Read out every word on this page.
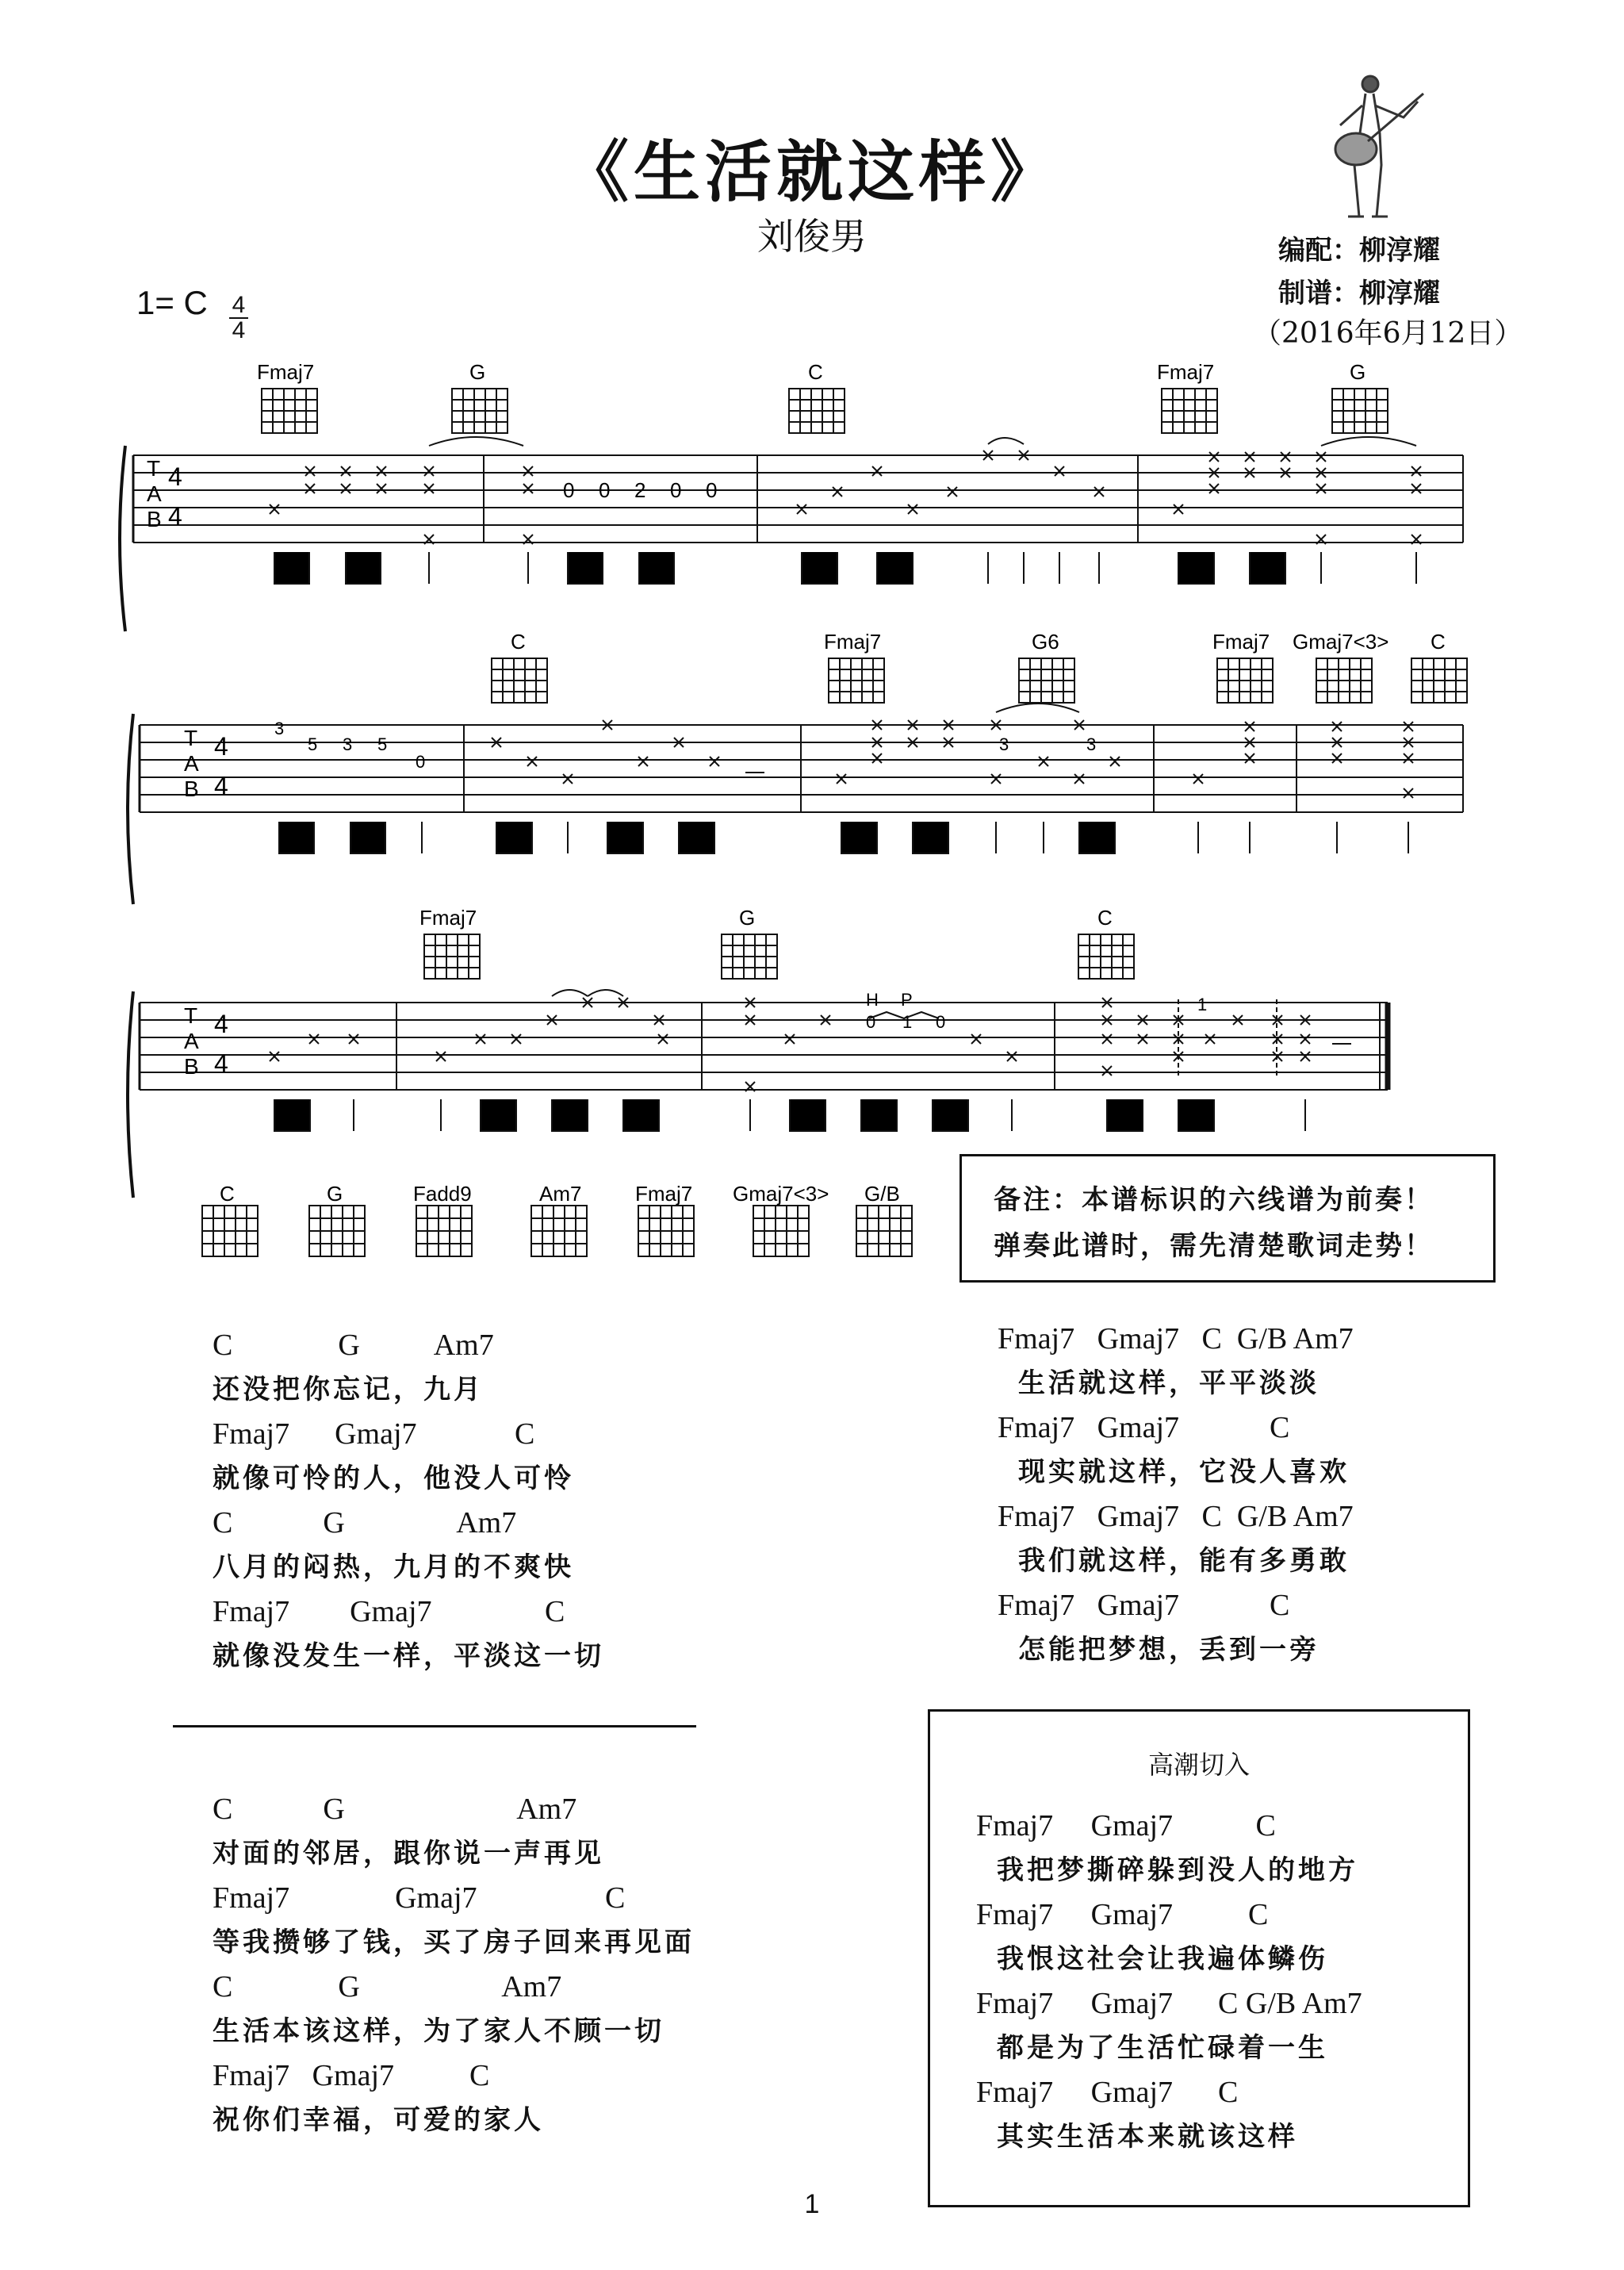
《生活就这样》
刘俊男	编配：柳淳耀
制谱：柳淳耀
（2016年6月12日）
1= C 4
4
Fmaj7	G	C	Fmaj7	G
T
A
B
4
4
0 0 2 0 0
C	Fmaj7	G6	Fmaj7 Gmaj7<3> C
T
A
B
4
4
3
5 3 5
0
3	3
Fmaj7	G	C
T
A
B
4
4
H P
0 1 0
1
C	G	Fadd9	Am7	Fmaj7 Gmaj7<3> G/B	备注：本谱标识的六线谱为前奏！
弹奏此谱时，需先清楚歌词走势！
C              G          Am7
还没把你忘记，九月
Fmaj7      Gmaj7             C
就像可怜的人，他没人可怜
C            G               Am7
八月的闷热，九月的不爽快
Fmaj7        Gmaj7               C
就像没发生一样，平淡这一切
Fmaj7   Gmaj7   C  G/B Am7
生活就这样，平平淡淡
Fmaj7   Gmaj7            C
现实就这样，它没人喜欢
Fmaj7   Gmaj7   C  G/B Am7
我们就这样，能有多勇敢
Fmaj7   Gmaj7            C
怎能把梦想，丢到一旁
C            G                       Am7
对面的邻居，跟你说一声再见
Fmaj7              Gmaj7                 C
等我攒够了钱，买了房子回来再见面
C              G                   Am7
生活本该这样，为了家人不顾一切
Fmaj7   Gmaj7          C
祝你们幸福，可爱的家人
高潮切入
Fmaj7     Gmaj7           C
我把梦撕碎躲到没人的地方
Fmaj7     Gmaj7          C
我恨这社会让我遍体鳞伤
Fmaj7     Gmaj7      C G/B Am7
都是为了生活忙碌着一生
Fmaj7     Gmaj7      C
其实生活本来就该这样
1
